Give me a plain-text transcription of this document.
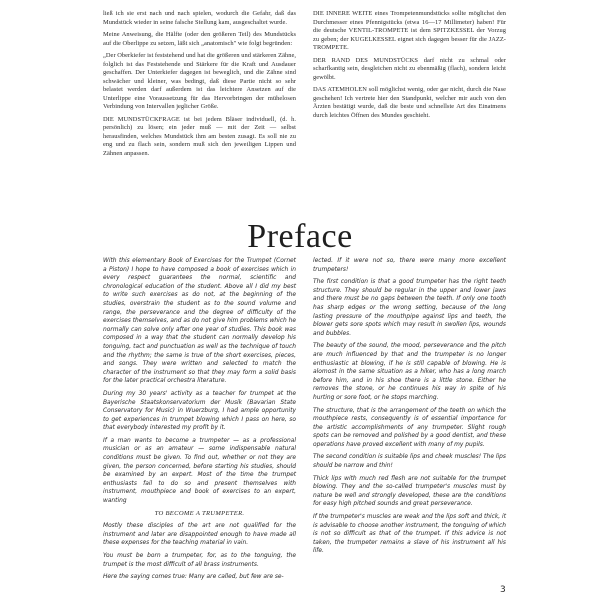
ließ ich sie erst nach und nach spielen, wodurch die Gefahr, daß das Mundstück wieder in seine falsche Stellung kam, ausgeschaltet wurde.

Meine Anweisung, die Hälfte (oder den größeren Teil) des Mundstücks auf die Oberlippe zu setzen, läßt sich „anatomisch" wie folgt begründen:

„Der Oberkiefer ist feststehend und hat die größeren und stärkeren Zähne, folglich ist das Feststehende und Stärkere für die Kraft und Ausdauer geschaffen. Der Unterkiefer dagegen ist beweglich, und die Zähne sind schwächer und kleiner, was bedingt, daß diese Partie nicht so sehr belastet werden darf außerdem ist das leichtere Ansetzen auf die Unterlippe eine Voraussetzung für das Hervorbringen der mühelosen Verbindung von Intervallen jeglicher Größe.

DIE MUNDSTÜCKFRAGE ist bei jedem Bläser individuell, (d. h. persönlich) zu lösen; ein jeder muß — mit der Zeit — selbst herausfinden, welches Mundstück ihm am besten zusagt. Es soll nie zu eng und zu flach sein, sondern muß sich den jeweiligen Lippen und Zähnen anpassen.

DIE INNERE WEITE eines Trompetenmundstücks sollte möglichst den Durchmesser eines Pfennigstücks (etwa 16—17 Millimeter) haben! Für die deutsche VENTIL-TROMPETE ist dem SPITZKESSEL der Vorzug zu geben; der KUGELKESSEL eignet sich dagegen besser für die JAZZ-TROMPETE.

DER RAND DES MUNDSTÜCKS darf nicht zu schmal oder scharfkantig sein, desgleichen nicht zu ebenmäßig (flach), sondern leicht gewölbt.

DAS ATEMHOLEN soll möglichst wenig, oder gar nicht, durch die Nase geschehen! Ich vertrete hier den Standpunkt, welcher mir auch von den Ärzten bestätigt wurde, daß die beste und schnellste Art des Einatmens durch leichtes Öffnen des Mundes geschieht.

Preface

With this elementary Book of Exercises for the Trumpet (Cornet a Piston) I hope to have composed a book of exercises which in every respect guarantees the normal, scientific and chronological education of the student. Above all I did my best to write such exercises as do not, at the beginning of the studies, overstrain the student as to the sound volume and range, the perseverance and the degree of difficulty of the exercises themselves, and as do not give him problems which he normally can solve only after one year of studies. This book was composed in a way that the student can normally develop his tonguing, tact and punctuation as well as the technique of touch and the rhythm; the same is true of the short exercises, pieces, and songs. They were written and selected to match the character of the instrument so that they may form a solid basis for the later practical orchestra literature.

During my 30 years' activity as a teacher for trumpet at the Bayerische Staatskonservatorium der Musik (Bavarian State Conservatory for Music) in Wuerzburg, I had ample opportunity to get experiences in trumpet blowing which I pass on here, so that everybody interested my profit by it.

If a man wants to become a trumpeter — as a professional musician or as an amateur — some indispensable natural conditions must be given. To find out, whether or not they are given, the person concerned, before starting his studies, should be examined by an expert. Most of the time the trumpet enthusiasts fail to do so and present themselves with instrument, mouthpiece and book of exercises to an expert, wanting

TO BECOME A TRUMPETER.

Mostly these disciples of the art are not qualified for the instrument and later are disappointed enough to have made all these expenses for the teaching material in vain.

You must be born a trumpeter, for, as to the tonguing, the trumpet is the most difficult of all brass instruments.

Here the saying comes true: Many are called, but few are se-

lected. If it were not so, there were many more excellent trumpeters!

The first condition is that a good trumpeter has the right teeth structure. They should be regular in the upper and lower jaws and there must be no gaps between the teeth. If only one tooth has sharp edges or the wrong setting, because of the long lasting pressure of the mouthpipe against lips and teeth, the blower gets sore spots which may result in swollen lips, wounds and bubbles.

The beauty of the sound, the mood, perseverance and the pitch are much influenced by that and the trumpeter is no longer enthusiastic at blowing, if he is still capable of blowing. He is alomost in the same situation as a hiker, who has a long march before him, and in his shoe there is a little stone. Either he removes the stone, or he continues his way in spite of his hurting or sore foot, or he stops marching.

The structure, that is the arrangement of the teeth on which the mouthpiece rests, consequently is of essential importance for the artistic accomplishments of any trumpeter. Slight rough spots can be removed and polished by a good dentist, and these operations have proved excellent with many of my pupils.

The second condition is suitable lips and cheek muscles! The lips should be narrow and thin!

Thick lips with much red flesh are not suitable for the trumpet blowing. They and the so-called trumpeter's muscles must by nature be well and strongly developed, these are the conditions for easy high pitched sounds and great perseverance.

If the trumpeter's muscles are weak and the lips soft and thick, it is advisable to choose another instrument, the tonguing of which is not so difficult as that of the trumpet. If this advice is not taken, the trumpeter remains a slave of his instrument all his life.

3
